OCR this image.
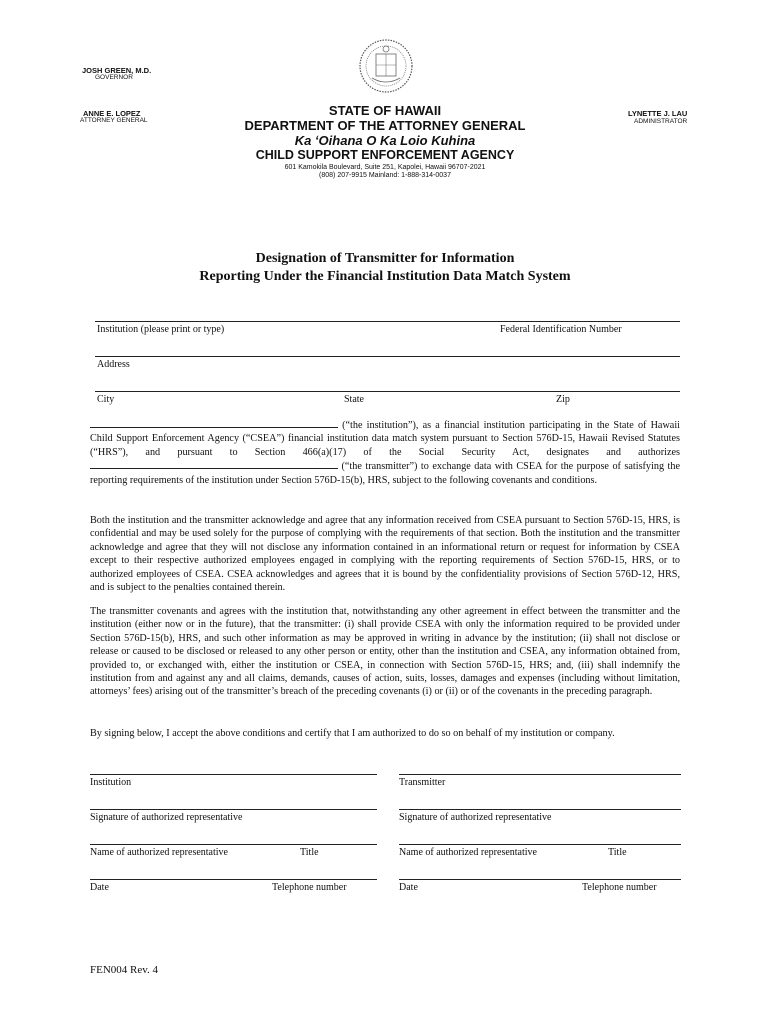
JOSH GREEN, M.D.
GOVERNOR
ANNE E. LOPEZ
ATTORNEY GENERAL
LYNETTE J. LAU
ADMINISTRATOR
STATE OF HAWAII
DEPARTMENT OF THE ATTORNEY GENERAL
Ka ʻOihana O Ka Loio Kuhina
CHILD SUPPORT ENFORCEMENT AGENCY
601 Kamokila Boulevard, Suite 251, Kapolei, Hawaii 96707-2021
(808) 207-9915 Mainland: 1-888-314-0037
Designation of Transmitter for Information
Reporting Under the Financial Institution Data Match System
Institution (please print or type)	Federal Identification Number
Address
City	State	Zip
(“the institution”), as a financial institution participating in the State of Hawaii Child Support Enforcement Agency (“CSEA”) financial institution data match system pursuant to Section 576D-15, Hawaii Revised Statutes (“HRS”), and pursuant to Section 466(a)(17) of the Social Security Act, designates and authorizes  (“the transmitter”) to exchange data with CSEA for the purpose of satisfying the reporting requirements of the institution under Section 576D-15(b), HRS, subject to the following covenants and conditions.
Both the institution and the transmitter acknowledge and agree that any information received from CSEA pursuant to Section 576D-15, HRS, is confidential and may be used solely for the purpose of complying with the requirements of that section. Both the institution and the transmitter acknowledge and agree that they will not disclose any information contained in an informational return or request for information by CSEA except to their respective authorized employees engaged in complying with the reporting requirements of Section 576D-15, HRS, or to authorized employees of CSEA. CSEA acknowledges and agrees that it is bound by the confidentiality provisions of Section 576D-12, HRS, and is subject to the penalties contained therein.
The transmitter covenants and agrees with the institution that, notwithstanding any other agreement in effect between the transmitter and the institution (either now or in the future), that the transmitter: (i) shall provide CSEA with only the information required to be provided under Section 576D-15(b), HRS, and such other information as may be approved in writing in advance by the institution; (ii) shall not disclose or release or caused to be disclosed or released to any other person or entity, other than the institution and CSEA, any information obtained from, provided to, or exchanged with, either the institution or CSEA, in connection with Section 576D-15, HRS; and, (iii) shall indemnify the institution from and against any and all claims, demands, causes of action, suits, losses, damages and expenses (including without limitation, attorneys’ fees) arising out of the transmitter’s breach of the preceding covenants (i) or (ii) or of the covenants in the preceding paragraph.
By signing below, I accept the above conditions and certify that I am authorized to do so on behalf of my institution or company.
Institution
Signature of authorized representative
Name of authorized representative	Title
Date	Telephone number
Transmitter
Signature of authorized representative
Name of authorized representative	Title
Date	Telephone number
FEN004 Rev. 4
